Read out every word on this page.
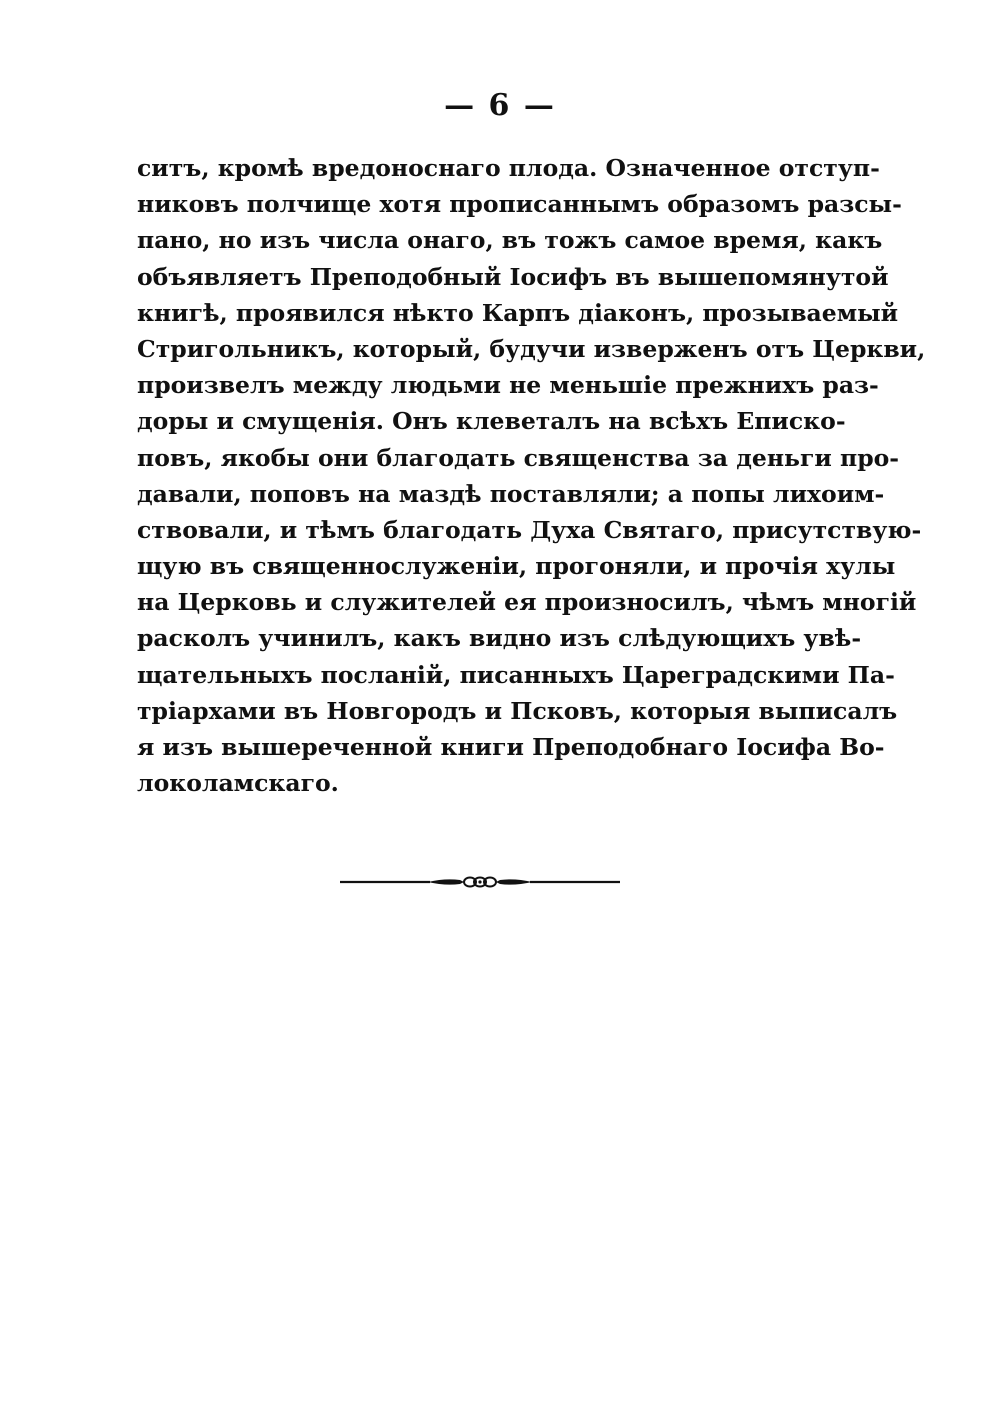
— 6 —
ситъ, кромѣ вредоноснаго плода. Означенное отступ-
никовъ полчище хотя прописаннымъ образомъ разсы-
пано, но изъ числа онаго, въ тожъ самое время, какъ
объявляетъ Преподобный Іосифъ въ вышепомянутой
книгѣ, проявился нѣкто Карпъ діаконъ, прозываемый
Стригольникъ, который, будучи изверженъ отъ Церкви,
произвелъ между людьми не меньшіе прежнихъ раз-
доры и смущенія. Онъ клеветалъ на всѣхъ Еписко-
повъ, якобы они благодать священства за деньги про-
давали, поповъ на маздѣ поставляли; а попы лихоим-
ствовали, и тѣмъ благодать Духа Святаго, присутствую-
щую въ священнослуженіи, прогоняли, и прочія хулы
на Церковь и служителей ея произносилъ, чѣмъ многій
расколъ учинилъ, какъ видно изъ слѣдующихъ увѣ-
щательныхъ посланій, писанныхъ Цареградскими Па-
тріархами въ Новгородъ и Псковъ, которыя выписалъ
я изъ вышереченной книги Преподобнаго Іосифа Во-
локоламскаго.
